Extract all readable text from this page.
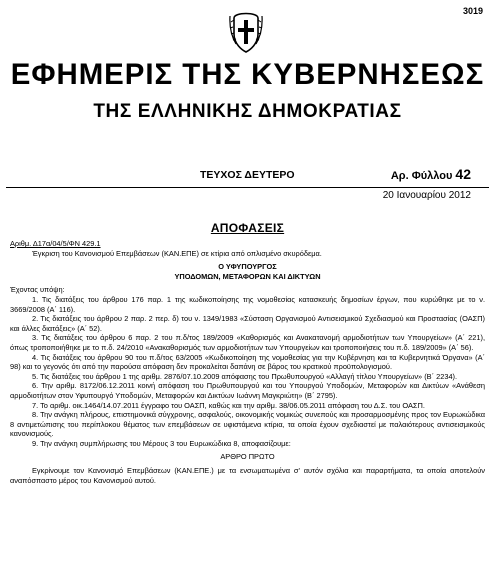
3019
ΕΦΗΜΕΡΙΣ ΤΗΣ ΚΥΒΕΡΝΗΣΕΩΣ
ΤΗΣ ΕΛΛΗΝΙΚΗΣ ΔΗΜΟΚΡΑΤΙΑΣ
ΤΕΥΧΟΣ ΔΕΥΤΕΡΟ	Αρ. Φύλλου 42
20 Ιανουαρίου 2012
ΑΠΟΦΑΣΕΙΣ

Αριθμ. Δ17α/04/5/ΦΝ 429.1

Έγκριση του Κανονισμού Επεμβάσεων (ΚΑΝ.ΕΠΕ) σε κτίρια από οπλισμένο σκυρόδεμα.

Ο ΥΦΥΠΟΥΡΓΟΣ

ΥΠΟΔΟΜΩΝ, ΜΕΤΑΦΟΡΩΝ ΚΑΙ ΔΙΚΤΥΩΝ

Έχοντας υπόψη:

1. Τις διατάξεις του άρθρου 176 παρ. 1 της κωδικοποίησης της νομοθεσίας κατασκευής δημοσίων έργων, που κυρώθηκε με το ν. 3669/2008 (Α΄ 116).

2. Τις διατάξεις του άρθρου 2 παρ. 2 περ. δ) του ν. 1349/1983 «Σύσταση Οργανισμού Αντισεισμικού Σχεδιασμού και Προστασίας (ΟΑΣΠ) και άλλες διατάξεις» (Α΄ 52).

3. Τις διατάξεις του άρθρου 6 παρ. 2 του π.δ/τος 189/2009 «Καθορισμός και Ανακατανομή αρμοδιοτήτων των Υπουργείων» (Α΄ 221), όπως τροποποιήθηκε με το π.δ. 24/2010 «Ανακαθορισμός των αρμοδιοτήτων των Υπουργείων και τροποποιήσεις του π.δ. 189/2009» (Α΄ 56).

4. Τις διατάξεις του άρθρου 90 του π.δ/τος 63/2005 «Κωδικοποίηση της νομοθεσίας για την Κυβέρνηση και τα Κυβερνητικά Όργανα» (Α΄ 98) και το γεγονός ότι από την παρούσα απόφαση δεν προκαλείται δαπάνη σε βάρος του κρατικού προϋπολογισμού.

5. Τις διατάξεις του άρθρου 1 της αριθμ. 2876/07.10.2009 απόφασης του Πρωθυπουργού «Αλλαγή τίτλου Υπουργείων» (Β΄ 2234).

6. Την αριθμ. 8172/06.12.2011 κοινή απόφαση του Πρωθυπουργού και του Υπουργού Υποδομών, Μεταφορών και Δικτύων «Ανάθεση αρμοδιοτήτων στον Υφυπουργό Υποδομών, Μεταφορών και Δικτύων Ιωάννη Μαγκριώτη» (Β΄ 2795).

7. Το αριθμ. οικ.1464/14.07.2011 έγγραφο του ΟΑΣΠ, καθώς και την αριθμ. 38/06.05.2011 απόφαση του Δ.Σ. του ΟΑΣΠ.

8. Την ανάγκη πλήρους, επιστημονικά σύγχρονης, ασφαλούς, οικονομικής νομικώς συνεπούς και προσαρμοσμένης προς τον Ευρωκώδικα 8 αντιμετώπισης του περίπλοκου θέματος των επεμβάσεων σε υφιστάμενα κτίρια, τα οποία έχουν σχεδιαστεί με παλαιότερους αντισεισμικούς κανονισμούς.

9. Την ανάγκη συμπλήρωσης του Μέρους 3 του Ευρωκώδικα 8, αποφασίζουμε:

ΑΡΘΡΟ ΠΡΩΤΟ

Εγκρίνουμε τον Κανονισμό Επεμβάσεων (ΚΑΝ.ΕΠΕ.) με τα ενσωματωμένα σ' αυτόν σχόλια και παραρτήματα, τα οποία αποτελούν αναπόσπαστο μέρος του Κανονισμού αυτού.
